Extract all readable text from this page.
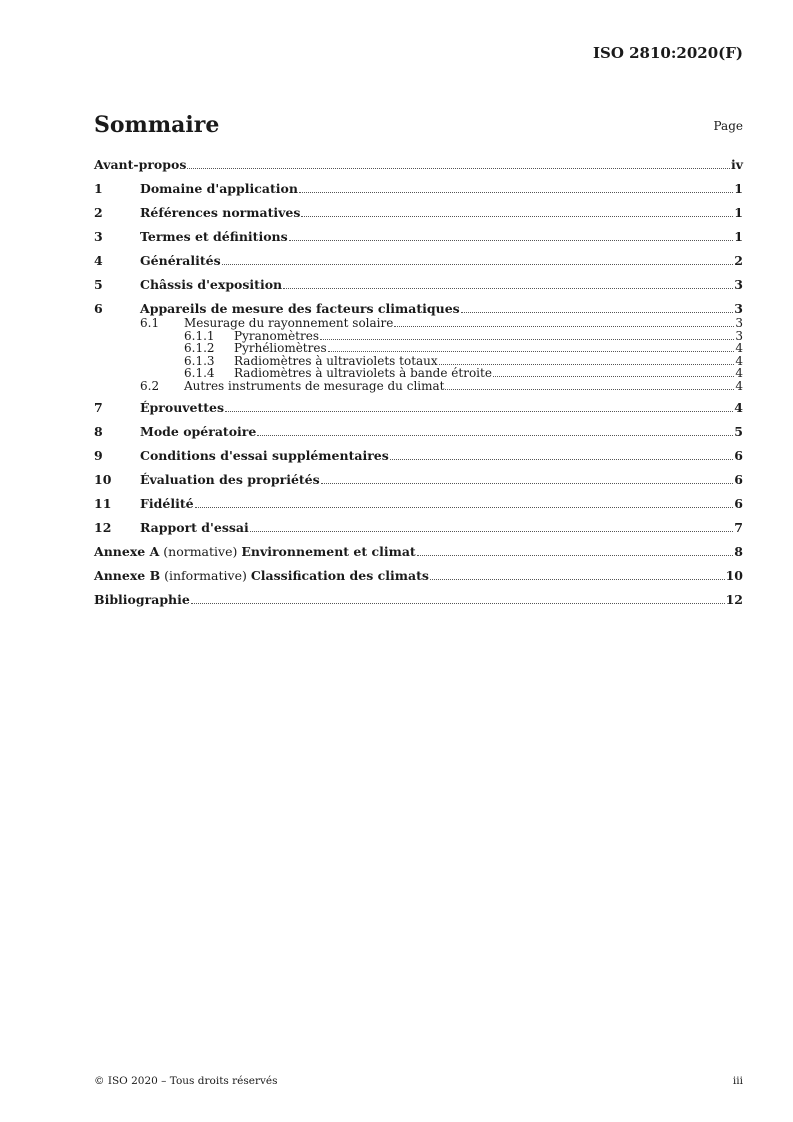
ISO 2810:2020(F)
Sommaire	Page
Avant-propos	iv
1	Domaine d'application	1
2	Références normatives	1
3	Termes et définitions	1
4	Généralités	2
5	Châssis d'exposition	3
6	Appareils de mesure des facteurs climatiques	3
6.1	Mesurage du rayonnement solaire	3
6.1.1	Pyranomètres	3
6.1.2	Pyrhéliomètres	4
6.1.3	Radiomètres à ultraviolets totaux	4
6.1.4	Radiomètres à ultraviolets à bande étroite	4
6.2	Autres instruments de mesurage du climat	4
7	Éprouvettes	4
8	Mode opératoire	5
9	Conditions d'essai supplémentaires	6
10	Évaluation des propriétés	6
11	Fidélité	6
12	Rapport d'essai	7
Annexe A (normative) Environnement et climat	8
Annexe B (informative) Classification des climats	10
Bibliographie	12
© ISO 2020 – Tous droits réservés	iii
